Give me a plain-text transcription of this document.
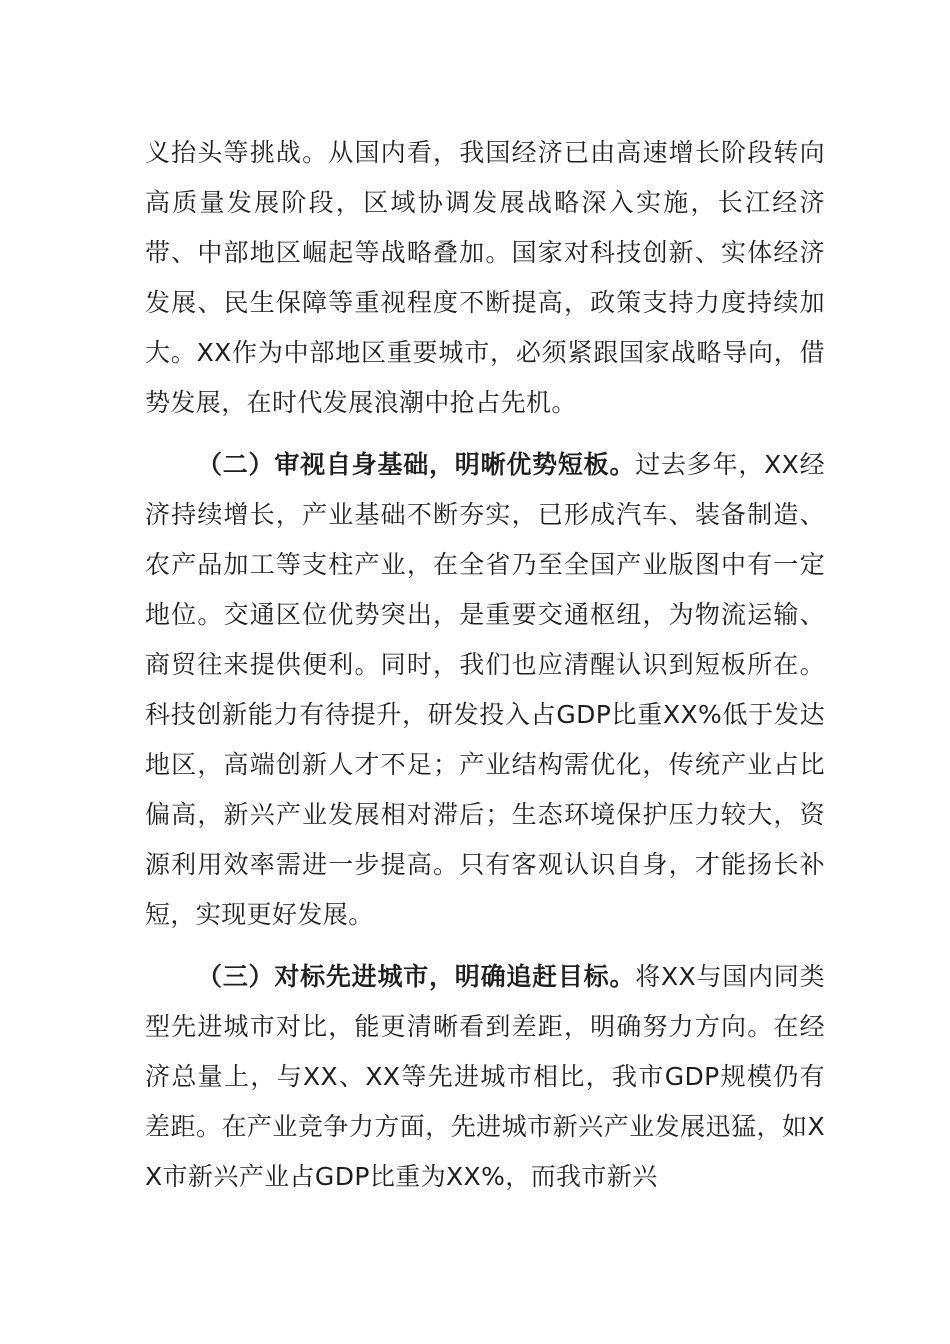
义抬头等挑战。从国内看，我国经济已由高速增长阶段转向高质量发展阶段，区域协调发展战略深入实施，长江经济带、中部地区崛起等战略叠加。国家对科技创新、实体经济发展、民生保障等重视程度不断提高，政策支持力度持续加大。XX作为中部地区重要城市，必须紧跟国家战略导向，借势发展，在时代发展浪潮中抢占先机。

（二）审视自身基础，明晰优势短板。过去多年，XX经济持续增长，产业基础不断夯实，已形成汽车、装备制造、农产品加工等支柱产业，在全省乃至全国产业版图中有一定地位。交通区位优势突出，是重要交通枢纽，为物流运输、商贸往来提供便利。同时，我们也应清醒认识到短板所在。科技创新能力有待提升，研发投入占GDP比重XX%低于发达地区，高端创新人才不足；产业结构需优化，传统产业占比偏高，新兴产业发展相对滞后；生态环境保护压力较大，资源利用效率需进一步提高。只有客观认识自身，才能扬长补短，实现更好发展。

（三）对标先进城市，明确追赶目标。将XX与国内同类型先进城市对比，能更清晰看到差距，明确努力方向。在经济总量上，与XX、XX等先进城市相比，我市GDP规模仍有差距。在产业竞争力方面，先进城市新兴产业发展迅猛，如XX市新兴产业占GDP比重为XX%，而我市新兴
